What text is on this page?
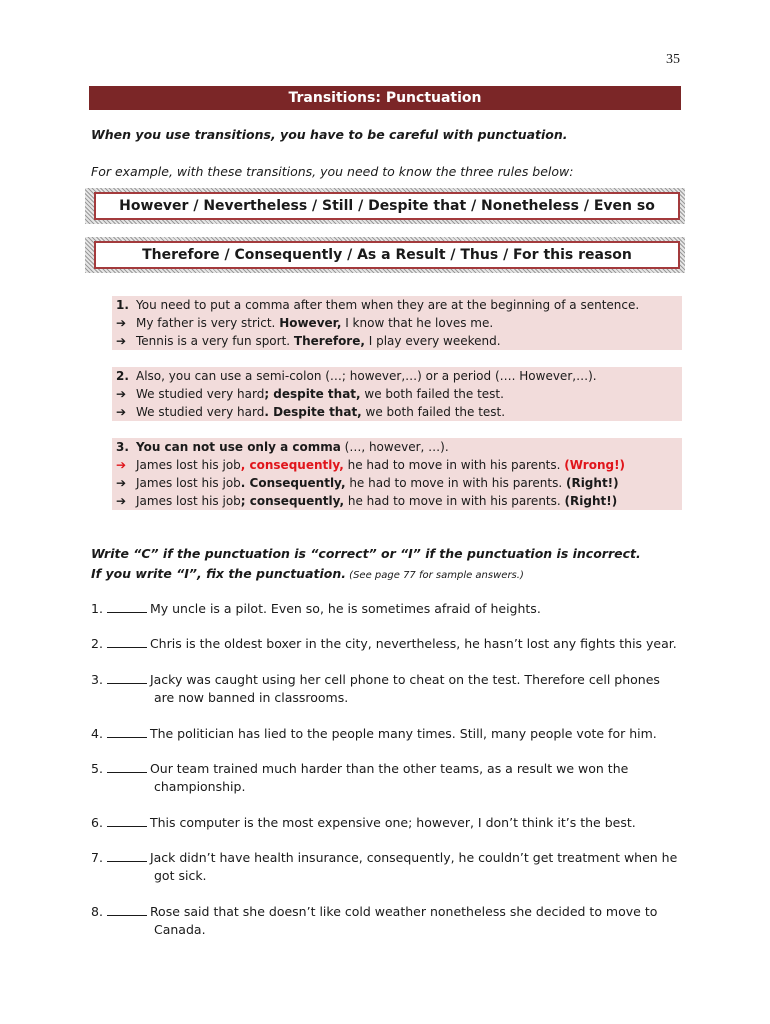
35
Transitions: Punctuation
When you use transitions, you have to be careful with punctuation.
For example, with these transitions, you need to know the three rules below:
However / Nevertheless / Still / Despite that / Nonetheless / Even so
Therefore / Consequently / As a Result / Thus / For this reason
1. You need to put a comma after them when they are at the beginning of a sentence.
➔ My father is very strict. However, I know that he loves me.
➔ Tennis is a very fun sport. Therefore, I play every weekend.
2. Also, you can use a semi-colon (…; however,…) or a period (…. However,…).
➔ We studied very hard; despite that, we both failed the test.
➔ We studied very hard. Despite that, we both failed the test.
3. You can not use only a comma (…, however, …).
➔ James lost his job, consequently, he had to move in with his parents. (Wrong!)
➔ James lost his job. Consequently, he had to move in with his parents. (Right!)
➔ James lost his job; consequently, he had to move in with his parents. (Right!)
Write “C” if the punctuation is “correct” or “I” if the punctuation is incorrect.
If you write “I”, fix the punctuation. (See page 77 for sample answers.)
1.	My uncle is a pilot. Even so, he is sometimes afraid of heights.
2.	Chris is the oldest boxer in the city, nevertheless, he hasn’t lost any fights this year.
3.	Jacky was caught using her cell phone to cheat on the test. Therefore cell phones
are now banned in classrooms.
4.	The politician has lied to the people many times. Still, many people vote for him.
5.	Our team trained much harder than the other teams, as a result we won the
championship.
6.	This computer is the most expensive one; however, I don’t think it’s the best.
7.	Jack didn’t have health insurance, consequently, he couldn’t get treatment when he
got sick.
8.	Rose said that she doesn’t like cold weather nonetheless she decided to move to
Canada.
